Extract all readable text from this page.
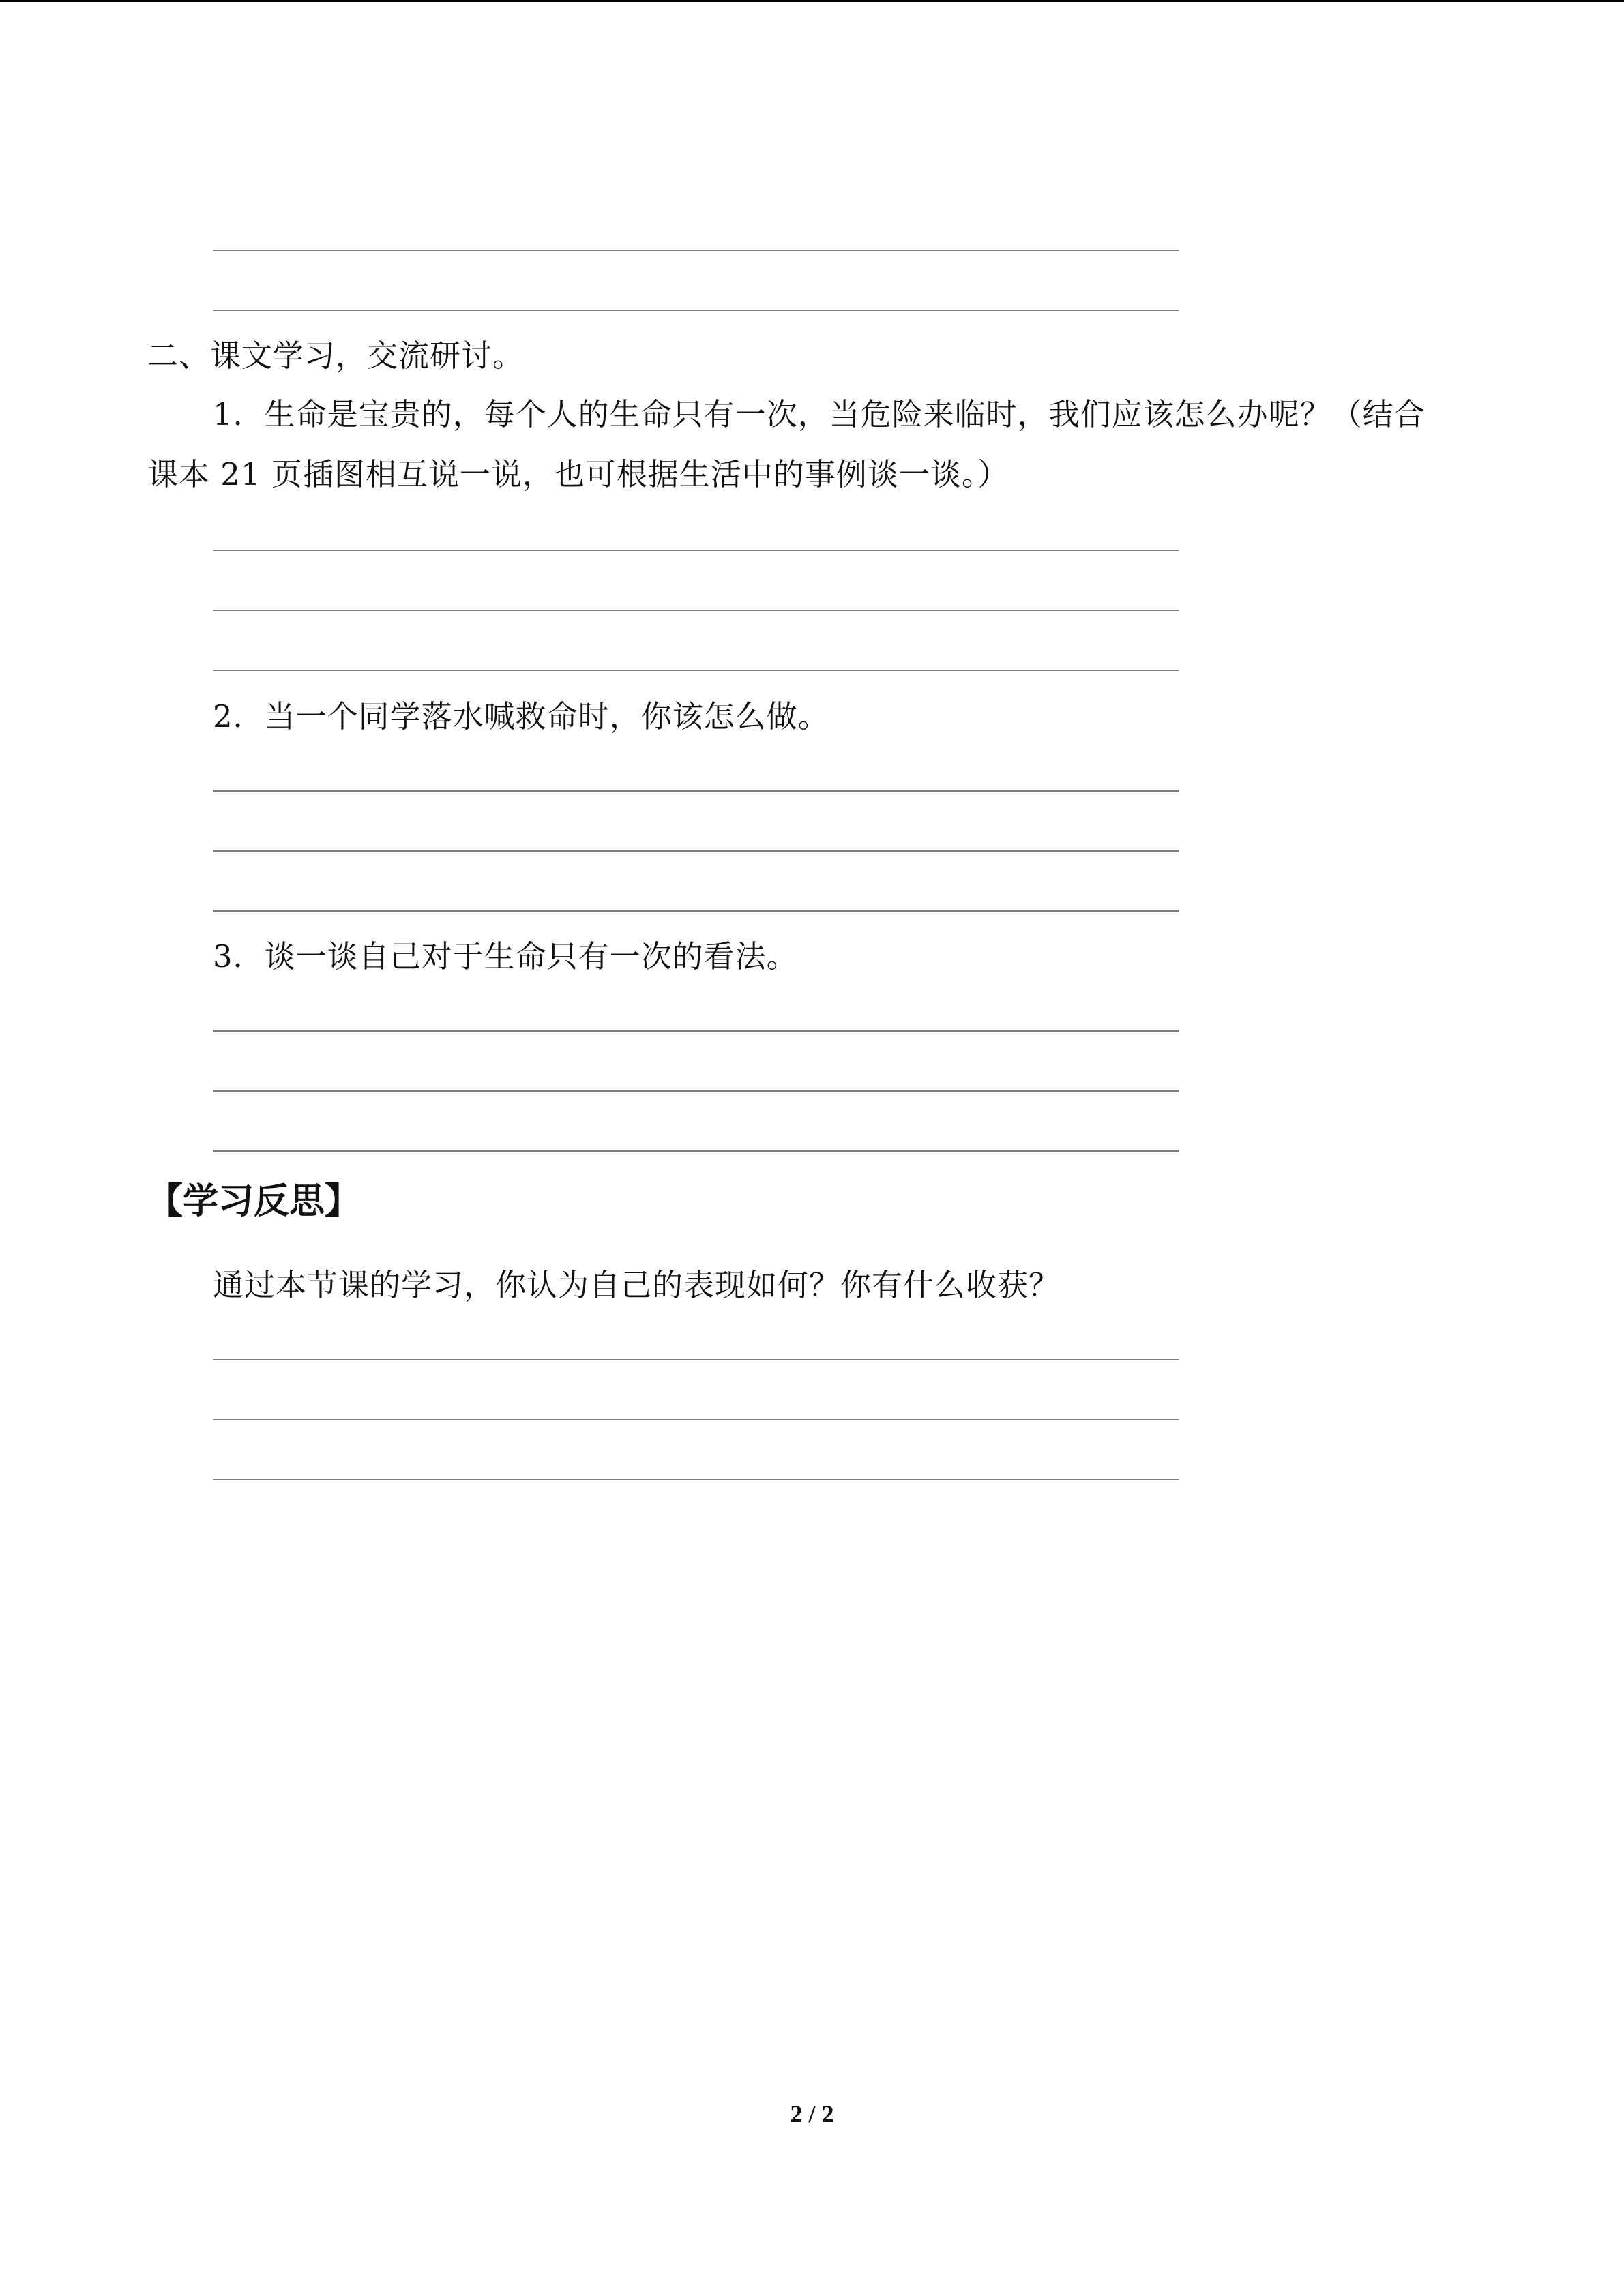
二、课文学习，交流研讨。
1．生命是宝贵的，每个人的生命只有一次，当危险来临时，我们应该怎么办呢？（结合
课本 21 页插图相互说一说，也可根据生活中的事例谈一谈。）
2．当一个同学落水喊救命时，你该怎么做。
3．谈一谈自己对于生命只有一次的看法。
【学习反思】
通过本节课的学习，你认为自己的表现如何？你有什么收获？
2 / 2
